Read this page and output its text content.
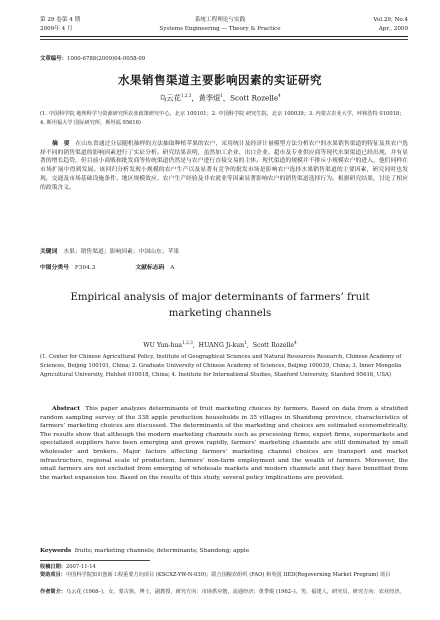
第 29 卷第 4 期	系统工程理论与实践	Vol.29, No.4
2009年 4 月	Systems Engineering — Theory & Practice	Apr., 2009
文章编号：1000-6788(2009)04-0058-09
水果销售渠道主要影响因素的实证研究
乌云花$^{1,2,3}$，黄季焜$^1$，Scott Rozelle$^4$
(1. 中国科学院 地理科学与资源研究所农业政策研究中心，北京 100101；2. 中国科学院 研究生院，北京 100039；3. 内蒙古农业大学，呼和浩特 010018；4. 斯坦福大学 国际研究所，斯坦福 95616)
摘　要　 在山东省通过分层随机抽样的方法抽取种植苹果的农户，采用统计及经济计量模型方法分析农户的水果销售渠道的特征及其农户选择不同的销售渠道的影响因素进行了实证分析。研究结果表明，虽然加工企业、出口企业、超市及专业供应商等现代水果渠道已经出现，并有显著的增长趋势，但目前小商贩和批发商等传统渠道仍然是与农户进行直接交易的主体。现代渠道的规模并不排斥小规模农户的进入，他们同样在市场扩展中得到发展。该回归分析发现小规模的农户生产以及显著有竞争的批发市场是影响农户选择水果销售渠道的主要因素，研究同时也发现，交通及市场基础设施条件、地区规模效应、农户生产经验及非农就业等因素显著影响农户的销售渠道选择行为。根据研究结果，讨论了相应的政策含义。
关键词　 水果；销售渠道；影响因素；中国山东；苹果
中图分类号　 F304.3	文献标志码　 A
Empirical analysis of major determinants of farmers’ fruit marketing channels
WU Yun-hua$^{1,2,3}$, HUANG Ji-kun$^1$, Scott Rozelle$^4$
(1. Center for Chinese Agricultural Policy, Institute of Geographical Sciences and Natural Resources Research, Chinese Academy of Sciences, Beijing 100101, China; 2. Graduate University of Chinese Academy of Sciences, Beijing 100039, China; 3. Inner Mongolia Agricultural University, Huhhot 010018, China; 4. Institute for International Studies, Stanford University, Stanford 95616, USA)
Abstract This paper analyzes determinants of fruit marketing choices by farmers. Based on data from a stratified random sampling survey of the 338 apple production households in 35 villages in Shandong province, characteristics of farmers’ marketing choices are discussed. The determinants of the marketing and choices are estimated econometrically. The results show that although the modern marketing channels such as processing firms, export firms, supermarkets and specialized suppliers have been emerging and grown rapidly, farmers’ marketing channels are still dominated by small wholesaler and brokers. Major factors affecting farmers’ marketing channel choices are transport and market infrastructure, regional scale of production, farmers’ non-farm employment and the wealth of farmers. Moreover, the small farmers are not excluded from emerging of wholesale markets and modern channels and they have benefited from the market expansion too. Based on the results of this study, several policy implications are provided.
Keywords fruits; marketing channels; determinants; Shandong; apple
收稿日期：2007-11-14
资助项目：中国科学院知识创新工程重要方向项目 (KSCXZ-YW-N-039)；联合国粮农组织 (FAO) 和英国 IIED(Regoverning Market Program) 项目
作者简介：乌云花 (1968–)，女，蒙古族，博士，副教授，研究方向：市场供应链，流通经济；黄季焜 (1962–)，男，福建人，研究员，研究方向：农业经济。
